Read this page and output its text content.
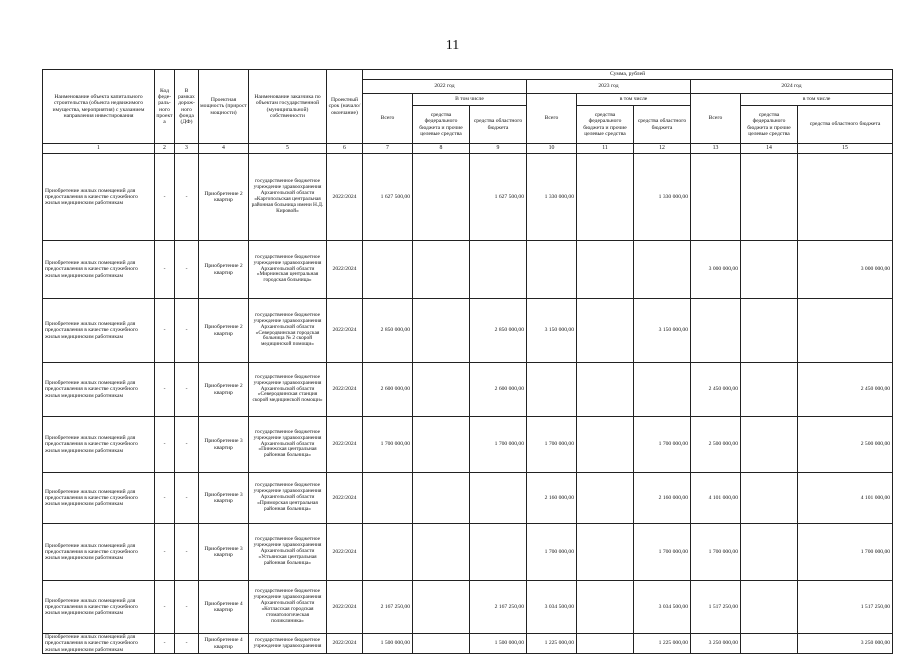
11
Наименование объекта капитального строительства (объекта недвижимого имущества, мероприятия) с указанием направления инвестирования	Код феде-раль-ного проекта	В рамках дорож-ного фонда (ДФ)	Проектная мощность (прирост мощности)	Наименование заказчика по объектам государственной (муниципальной) собственности	Проектный срок (начало/окончание)	Сумма, рублей								
						2022 год			2023 год			2024 год		
						Всего	В том числе		Всего	в том числе		Всего	в том числе	
							средства федерального бюджета и прочие целевые средства	средства областного бюджета		средства федерального бюджета и прочие целевые средства	средства областного бюджета		средства федерального бюджета и прочие целевые средства	средства областного бюджета
1	2	3	4	5	6	7	8	9	10	11	12	13	14	15
Приобретение жилых помещений для предоставления в качестве служебного жилья медицинским работникам	-	-	Приобретение 2 квартир	государственное бюджетное учреждение здравоохранения Архангельской области «Каргопольская центральная районная больница имени Н.Д. Кировой»	2022/2024	1 627 500,00		1 627 500,00	1 330 000,00		1 330 000,00			
Приобретение жилых помещений для предоставления в качестве служебного жилья медицинским работникам	-	-	Приобретение 2 квартир	государственное бюджетное учреждение здравоохранения Архангельской области «Мирнинская центральная городская больница»	2022/2024							3 000 000,00		3 000 000,00
Приобретение жилых помещений для предоставления в качестве служебного жилья медицинским работникам	-	-	Приобретение 2 квартир	государственное бюджетное учреждение здравоохранения Архангельской области «Северодвинская городская больница № 2 скорой медицинской помощи»	2022/2024	2 850 000,00		2 850 000,00	3 150 000,00		3 150 000,00			
Приобретение жилых помещений для предоставления в качестве служебного жилья медицинским работникам	-	-	Приобретение 2 квартир	государственное бюджетное учреждение здравоохранения Архангельской области «Северодвинская станция скорой медицинской помощи»	2022/2024	2 600 000,00		2 600 000,00				2 450 000,00		2 450 000,00
Приобретение жилых помещений для предоставления в качестве служебного жилья медицинским работникам	-	-	Приобретение 3 квартир	государственное бюджетное учреждение здравоохранения Архангельской области «Пинежская центральная районная больница»	2022/2024	1 700 000,00		1 700 000,00	1 700 000,00		1 700 000,00	2 500 000,00		2 500 000,00
Приобретение жилых помещений для предоставления в качестве служебного жилья медицинским работникам	-	-	Приобретение 3 квартир	государственное бюджетное учреждение здравоохранения Архангельской области «Приморская центральная районная больница»	2022/2024				2 160 000,00		2 160 000,00	4 101 000,00		4 101 000,00
Приобретение жилых помещений для предоставления в качестве служебного жилья медицинским работникам	-	-	Приобретение 3 квартир	государственное бюджетное учреждение здравоохранения Архангельской области «Устьянская центральная районная больница»	2022/2024				1 700 000,00		1 700 000,00	1 700 000,00		1 700 000,00
Приобретение жилых помещений для предоставления в качестве служебного жилья медицинским работникам	-	-	Приобретение 4 квартир	государственное бюджетное учреждение здравоохранения Архангельской области «Котласская городская стоматологическая поликлиника»	2022/2024	2 167 250,00		2 167 250,00	3 034 500,00		3 034 500,00	1 517 250,00		1 517 250,00
Приобретение жилых помещений для предоставления в качестве служебного жилья медицинским работникам	-	-	Приобретение 4 квартир	государственное бюджетное учреждение здравоохранения	2022/2024	1 500 000,00		1 500 000,00	1 225 000,00		1 225 000,00	3 250 000,00		3 250 000,00
